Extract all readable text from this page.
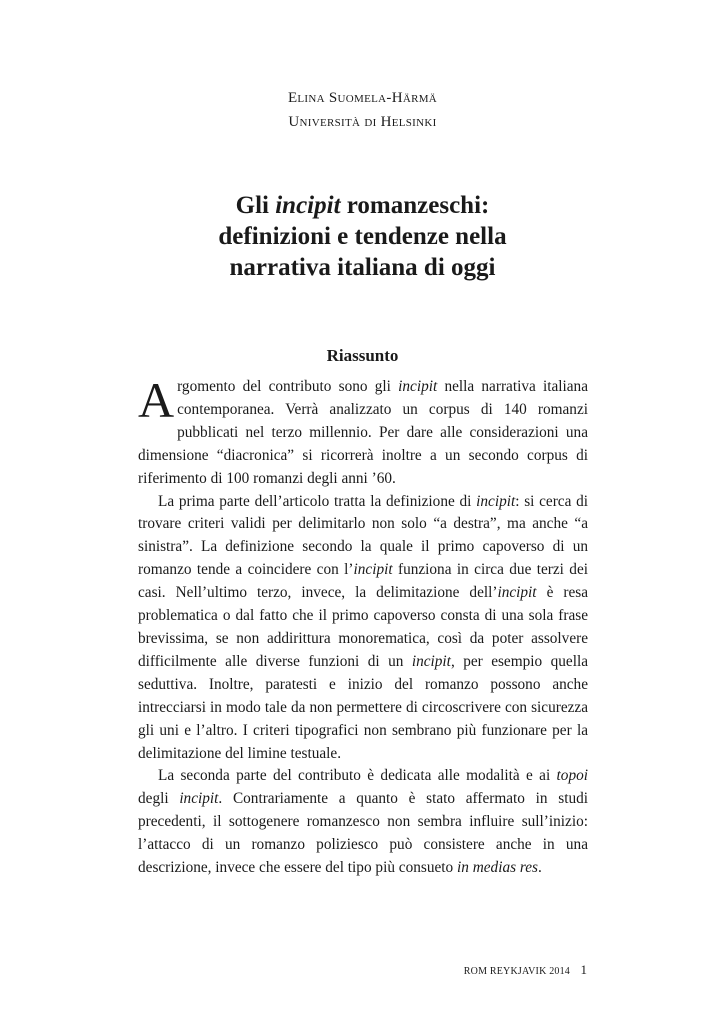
Elina Suomela-Härmä
Università di Helsinki
Gli incipit romanzeschi:
definizioni e tendenze nella
narrativa italiana di oggi
Riassunto

Argomento del contributo sono gli incipit nella narrativa italiana contemporanea. Verrà analizzato un corpus di 140 romanzi pubblicati nel terzo millennio. Per dare alle considerazioni una dimensione “diacronica” si ricorrerà inoltre a un secondo corpus di riferimento di 100 romanzi degli anni ’60.

La prima parte dell’articolo tratta la definizione di incipit: si cerca di trovare criteri validi per delimitarlo non solo “a destra”, ma anche “a sinistra”. La definizione secondo la quale il primo capoverso di un romanzo tende a coincidere con l’incipit funziona in circa due terzi dei casi. Nell’ultimo terzo, invece, la delimitazione dell’incipit è resa problematica o dal fatto che il primo capoverso consta di una sola frase brevissima, se non addirittura monorematica, così da poter assolvere difficilmente alle diverse funzioni di un incipit, per esempio quella seduttiva. Inoltre, paratesti e inizio del romanzo possono anche intrecciarsi in modo tale da non permettere di circoscrivere con sicurezza gli uni e l’altro. I criteri tipografici non sembrano più funzionare per la delimitazione del limine testuale.

La seconda parte del contributo è dedicata alle modalità e ai topoi degli incipit. Contrariamente a quanto è stato affermato in studi precedenti, il sottogenere romanzesco non sembra influire sull’inizio: l’attacco di un romanzo poliziesco può consistere anche in una descrizione, invece che essere del tipo più consueto in medias res.

ROM REYKJAVIK 2014 1
